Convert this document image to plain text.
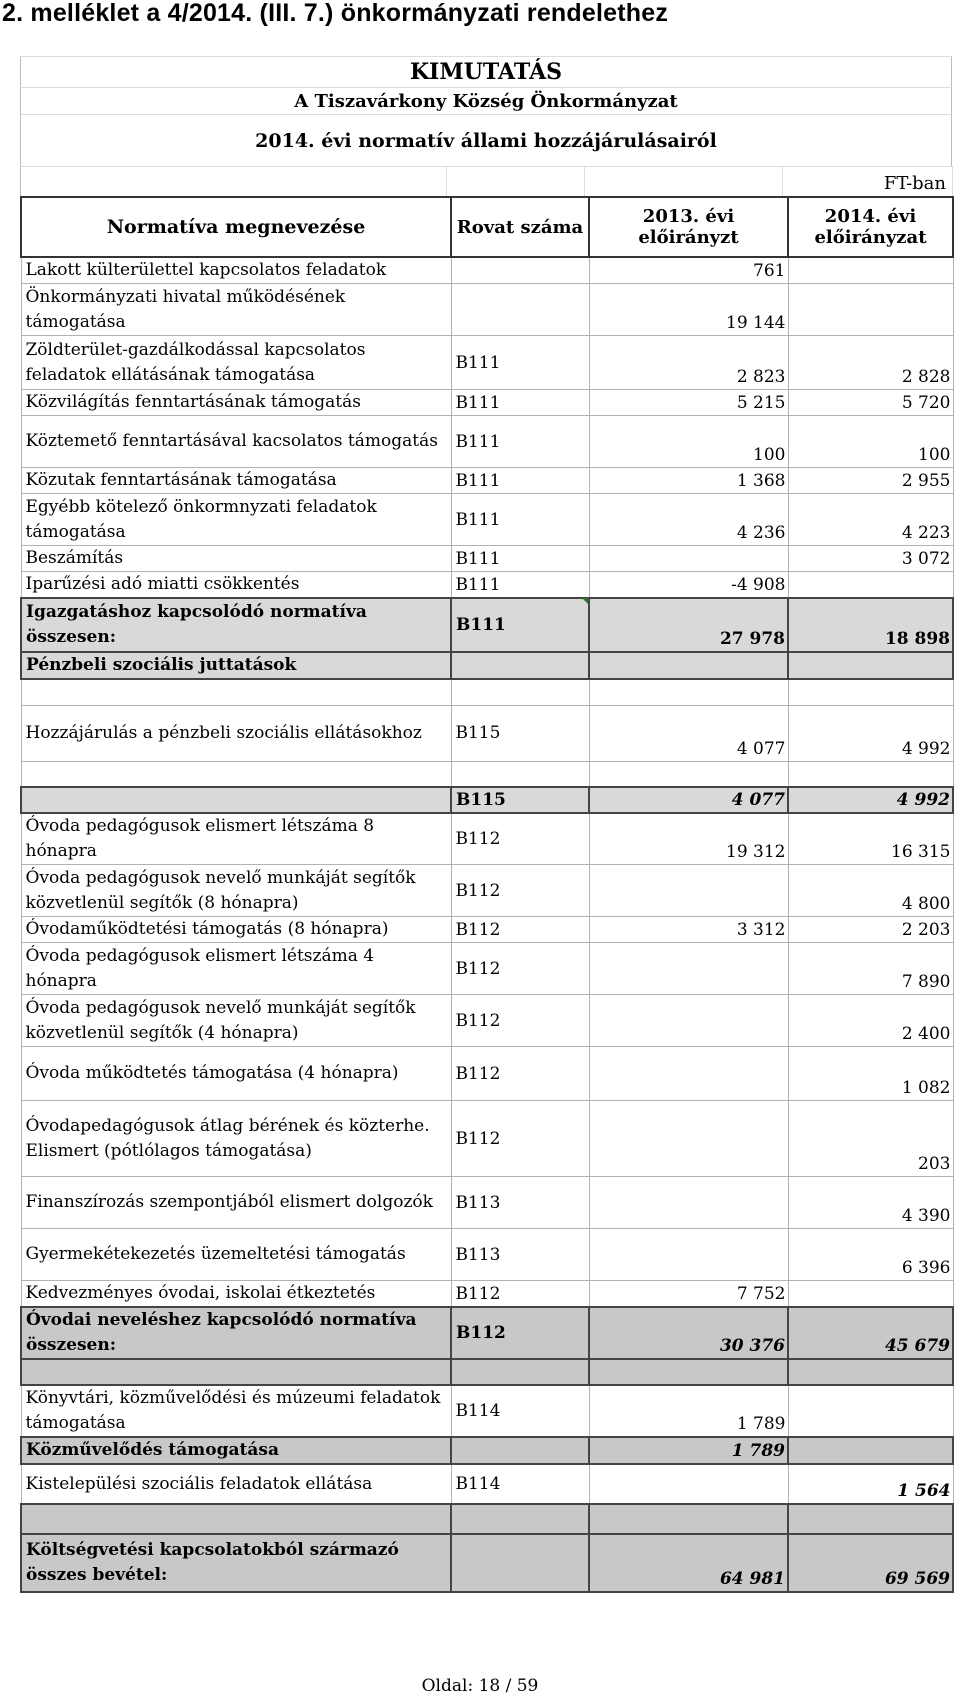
2. melléklet a 4/2014. (III. 7.) önkormányzati rendelethez
KIMUTATÁS
A Tiszavárkony Község Önkormányzat
2014. évi normatív állami hozzájárulásairól
FT-ban
Normatíva megnevezése	Rovat száma	2013. évi előirányzt	2014. évi előirányzat
Lakott külterülettel kapcsolatos feladatok		761	
Önkormányzati hivatal működésének támogatása		19 144	
Zöldterület-gazdálkodással kapcsolatos feladatok ellátásának támogatása	B111	2 823	2 828
Közvilágítás fenntartásának támogatás	B111	5 215	5 720
Köztemető fenntartásával kacsolatos támogatás	B111	100	100
Közutak fenntartásának támogatása	B111	1 368	2 955
Egyébb kötelező önkormnyzati feladatok támogatása	B111	4 236	4 223
Beszámítás	B111		3 072
Iparűzési adó miatti csökkentés	B111	-4 908	
Igazgatáshoz kapcsolódó normatíva összesen:	B111	27 978	18 898
Pénzbeli szociális juttatások			

Hozzájárulás a pénzbeli szociális ellátásokhoz	B115	4 077	4 992

	B115	4 077	4 992
Óvoda pedagógusok elismert létszáma 8 hónapra	B112	19 312	16 315
Óvoda pedagógusok nevelő munkáját segítők közvetlenül segítők (8 hónapra)	B112		4 800
Óvodaműködtetési támogatás (8 hónapra)	B112	3 312	2 203
Óvoda pedagógusok elismert létszáma 4 hónapra	B112		7 890
Óvoda pedagógusok nevelő munkáját segítők közvetlenül segítők (4 hónapra)	B112		2 400
Óvoda működtetés támogatása (4 hónapra)	B112		1 082
Óvodapedagógusok átlag bérének és közterhe. Elismert (pótlólagos támogatása)	B112		203
Finanszírozás szempontjából elismert dolgozók	B113		4 390
Gyermekétekezetés üzemeltetési támogatás	B113		6 396
Kedvezményes óvodai, iskolai étkeztetés	B112	7 752	
Óvodai neveléshez kapcsolódó normatíva összesen:	B112	30 376	45 679

Könyvtári, közművelődési és múzeumi feladatok támogatása	B114	1 789	
Közművelődés támogatása		1 789	
Kistelepülési szociális feladatok ellátása	B114		1 564

Költségvetési kapcsolatokból származó összes bevétel:		64 981	69 569
Oldal: 18 / 59
